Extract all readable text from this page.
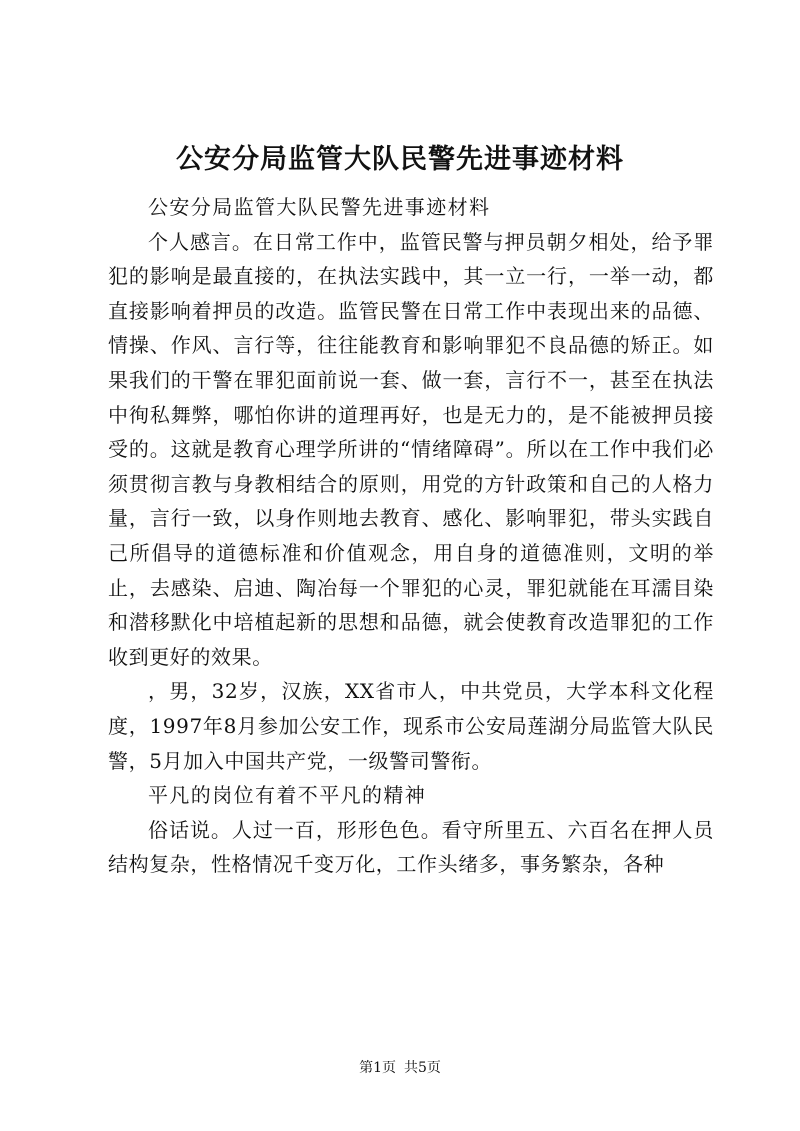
公安分局监管大队民警先进事迹材料

公安分局监管大队民警先进事迹材料

个人感言。在日常工作中，监管民警与押员朝夕相处，给予罪犯的影响是最直接的，在执法实践中，其一立一行，一举一动，都直接影响着押员的改造。监管民警在日常工作中表现出来的品德、情操、作风、言行等，往往能教育和影响罪犯不良品德的矫正。如果我们的干警在罪犯面前说一套、做一套，言行不一，甚至在执法中徇私舞弊，哪怕你讲的道理再好，也是无力的，是不能被押员接受的。这就是教育心理学所讲的“情绪障碍”。所以在工作中我们必须贯彻言教与身教相结合的原则，用党的方针政策和自己的人格力量，言行一致，以身作则地去教育、感化、影响罪犯，带头实践自己所倡导的道德标准和价值观念，用自身的道德准则，文明的举止，去感染、启迪、陶冶每一个罪犯的心灵，罪犯就能在耳濡目染和潜移默化中培植起新的思想和品德，就会使教育改造罪犯的工作收到更好的效果。

，男，32岁，汉族，XX省市人，中共党员，大学本科文化程度，1997年8月参加公安工作，现系市公安局莲湖分局监管大队民警，5月加入中国共产党，一级警司警衔。

平凡的岗位有着不平凡的精神

俗话说。人过一百，形形色色。看守所里五、六百名在押人员结构复杂，性格情况千变万化，工作头绪多，事务繁杂，各种

第1页 共5页
